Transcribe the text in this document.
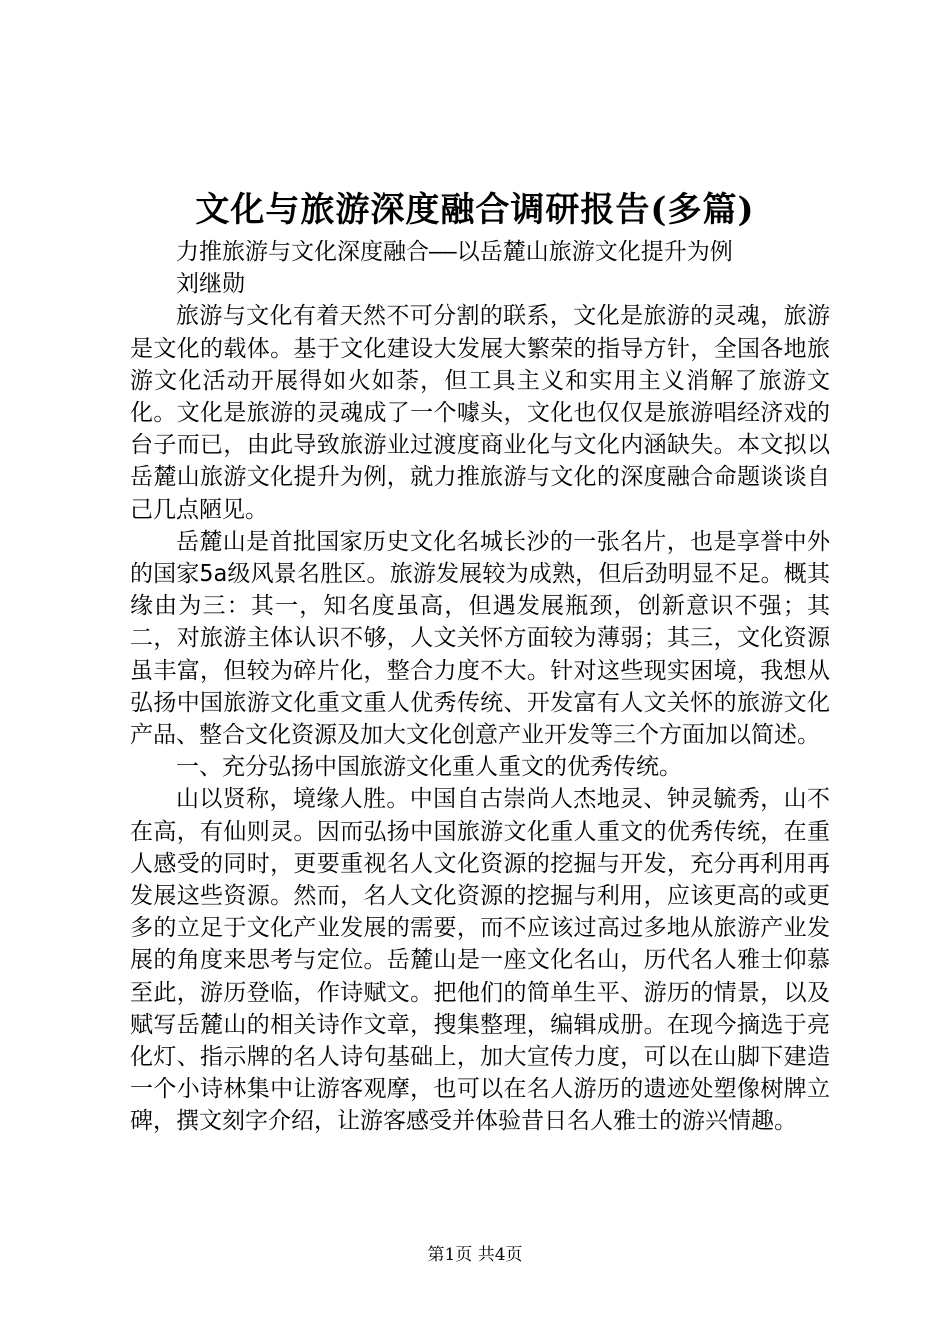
文化与旅游深度融合调研报告(多篇)

力推旅游与文化深度融合——以岳麓山旅游文化提升为例

刘继勋

旅游与文化有着天然不可分割的联系，文化是旅游的灵魂，旅游是文化的载体。基于文化建设大发展大繁荣的指导方针，全国各地旅游文化活动开展得如火如荼，但工具主义和实用主义消解了旅游文化。文化是旅游的灵魂成了一个噱头，文化也仅仅是旅游唱经济戏的台子而已，由此导致旅游业过渡度商业化与文化内涵缺失。本文拟以岳麓山旅游文化提升为例，就力推旅游与文化的深度融合命题谈谈自己几点陋见。

岳麓山是首批国家历史文化名城长沙的一张名片，也是享誉中外的国家5a级风景名胜区。旅游发展较为成熟，但后劲明显不足。概其缘由为三：其一，知名度虽高，但遇发展瓶颈，创新意识不强；其二，对旅游主体认识不够，人文关怀方面较为薄弱；其三，文化资源虽丰富，但较为碎片化，整合力度不大。针对这些现实困境，我想从弘扬中国旅游文化重文重人优秀传统、开发富有人文关怀的旅游文化产品、整合文化资源及加大文化创意产业开发等三个方面加以简述。

一、充分弘扬中国旅游文化重人重文的优秀传统。

山以贤称，境缘人胜。中国自古崇尚人杰地灵、钟灵毓秀，山不在高，有仙则灵。因而弘扬中国旅游文化重人重文的优秀传统，在重人感受的同时，更要重视名人文化资源的挖掘与开发，充分再利用再发展这些资源。然而，名人文化资源的挖掘与利用，应该更高的或更多的立足于文化产业发展的需要，而不应该过高过多地从旅游产业发展的角度来思考与定位。岳麓山是一座文化名山，历代名人雅士仰慕至此，游历登临，作诗赋文。把他们的简单生平、游历的情景，以及赋写岳麓山的相关诗作文章，搜集整理，编辑成册。在现今摘选于亮化灯、指示牌的名人诗句基础上，加大宣传力度，可以在山脚下建造一个小诗林集中让游客观摩，也可以在名人游历的遗迹处塑像树牌立碑，撰文刻字介绍，让游客感受并体验昔日名人雅士的游兴情趣。

第1页 共4页
